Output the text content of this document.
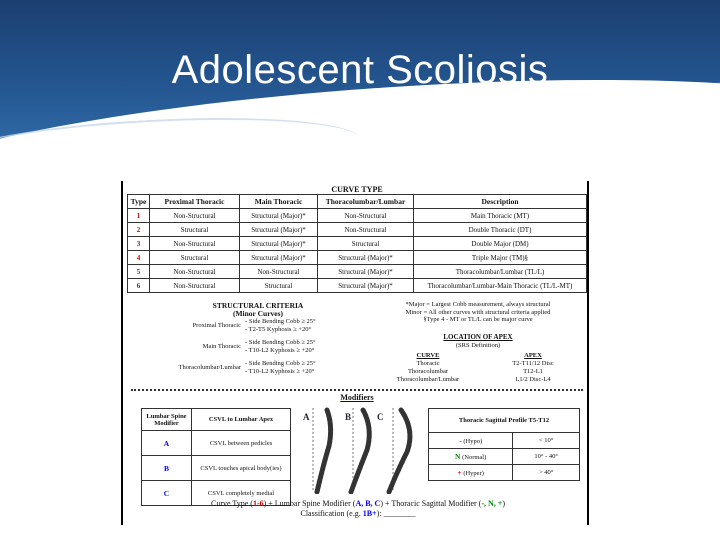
Adolescent Scoliosis
CURVE TYPE
Type	Proximal Thoracic	Main Thoracic	Thoracolumbar/Lumbar	Description
1	Non-Structural	Structural (Major)*	Non-Structural	Main Thoracic (MT)
2	Structural	Structural (Major)*	Non-Structural	Double Thoracic (DT)
3	Non-Structural	Structural (Major)*	Structural	Double Major (DM)
4	Structural	Structural (Major)*	Structural (Major)*	Triple Major (TM)§
5	Non-Structural	Non-Structural	Structural (Major)*	Thoracolumbar/Lumbar (TL/L)
6	Non-Structural	Structural	Structural (Major)*	Thoracolumbar/Lumbar-Main Thoracic (TL/L-MT)
STRUCTURAL CRITERIA
(Minor Curves)
Proximal Thoracic
- Side Bending Cobb ≥ 25°
- T2-T5 Kyphosis ≥ +20°
Main Thoracic
- Side Bending Cobb ≥ 25°
- T10-L2 Kyphosis ≥ +20°
Thoracolumbar/Lumbar
- Side Bending Cobb ≥ 25°
- T10-L2 Kyphosis ≥ +20°
*Major = Largest Cobb measurement, always structural
Minor = All other curves with structural criteria applied
§Type 4 - MT or TL/L can be major curve
LOCATION OF APEX
(SRS Definition)
CURVE	APEX
Thoracic	T2-T11/12 Disc
Thoracolumbar	T12-L1
Thoracolumbar/Lumbar	L1/2 Disc-L4
Modifiers
Lumbar Spine Modifier	CSVL to Lumbar Apex
A	CSVL between pedicles
B	CSVL touches apical body(ies)
C	CSVL completely medial
A	B	C	Thoracic Sagittal Profile T5-T12	
- (Hypo)	< 10°
N (Normal)	10° - 40°
+ (Hyper)	> 40°
Curve Type (1-6) + Lumbar Spine Modifier (A, B, C) + Thoracic Sagittal Modifier (-, N, +)
Classification (e.g. 1B+): ________
